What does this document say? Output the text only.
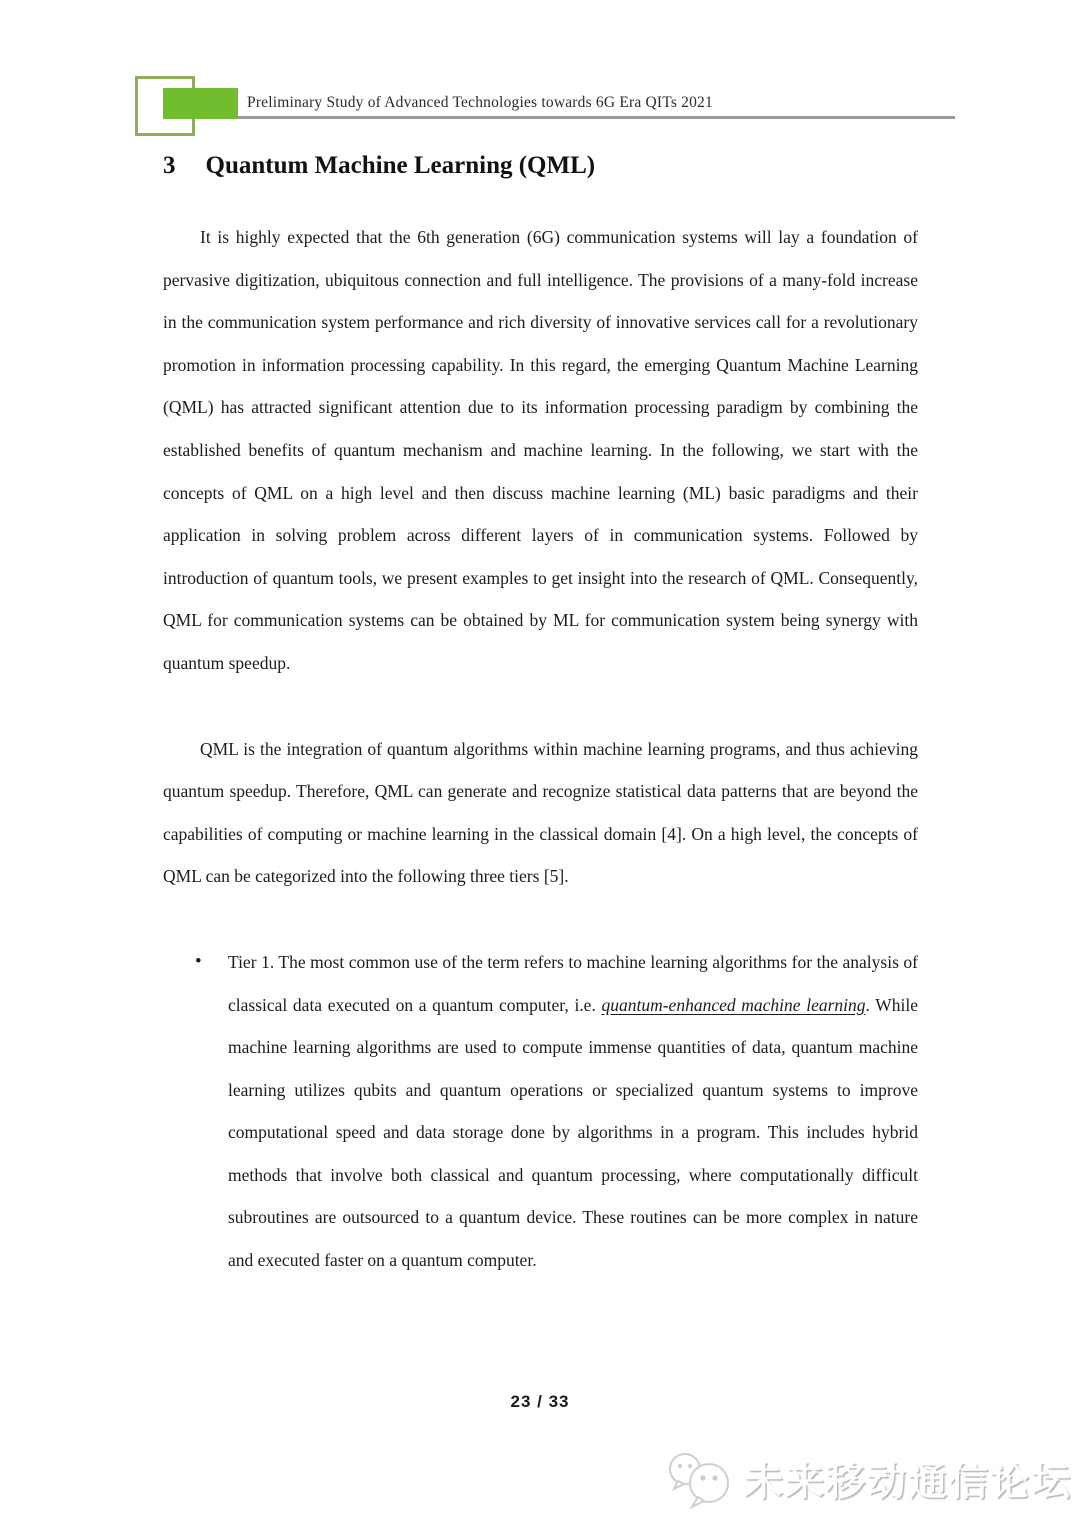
Preliminary Study of Advanced Technologies towards 6G Era QITs 2021
3 Quantum Machine Learning (QML)

It is highly expected that the 6th generation (6G) communication systems will lay a foundation of pervasive digitization, ubiquitous connection and full intelligence. The provisions of a many-fold increase in the communication system performance and rich diversity of innovative services call for a revolutionary promotion in information processing capability. In this regard, the emerging Quantum Machine Learning (QML) has attracted significant attention due to its information processing paradigm by combining the established benefits of quantum mechanism and machine learning. In the following, we start with the concepts of QML on a high level and then discuss machine learning (ML) basic paradigms and their application in solving problem across different layers of in communication systems. Followed by introduction of quantum tools, we present examples to get insight into the research of QML. Consequently, QML for communication systems can be obtained by ML for communication system being synergy with quantum speedup.

QML is the integration of quantum algorithms within machine learning programs, and thus achieving quantum speedup. Therefore, QML can generate and recognize statistical data patterns that are beyond the capabilities of computing or machine learning in the classical domain [4]. On a high level, the concepts of QML can be categorized into the following three tiers [5].

•	Tier 1. The most common use of the term refers to machine learning algorithms for the analysis of classical data executed on a quantum computer, i.e. quantum-enhanced machine learning. While machine learning algorithms are used to compute immense quantities of data, quantum machine learning utilizes qubits and quantum operations or specialized quantum systems to improve computational speed and data storage done by algorithms in a program. This includes hybrid methods that involve both classical and quantum processing, where computationally difficult subroutines are outsourced to a quantum device. These routines can be more complex in nature and executed faster on a quantum computer.

23 / 33
未来移动通信论坛
